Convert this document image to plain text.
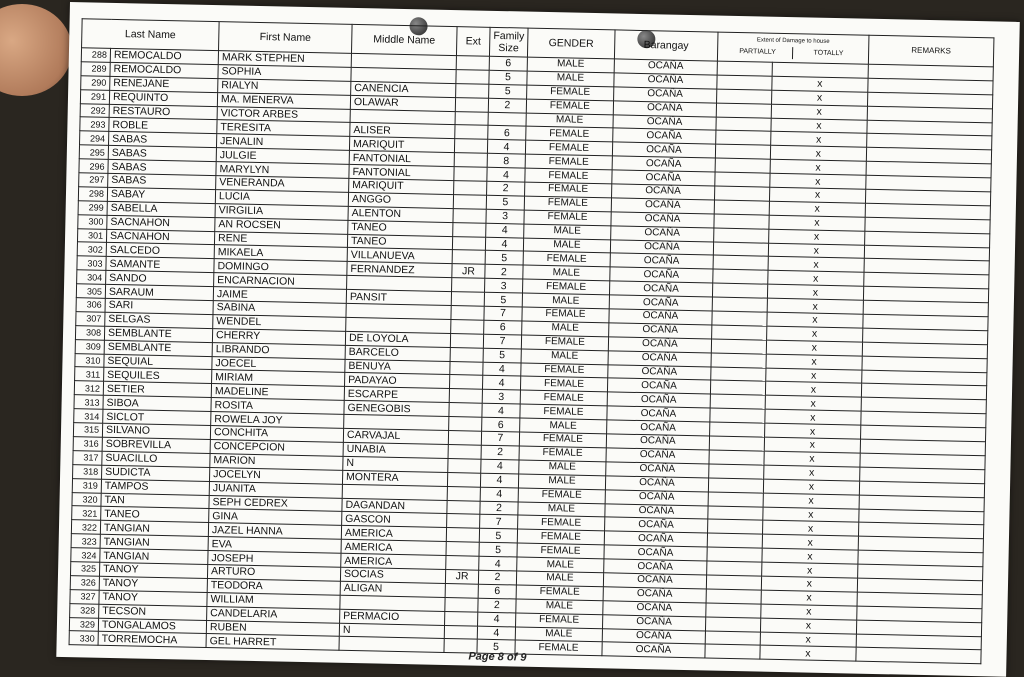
Last Name		First Name	Middle Name	Ext	Family Size	GENDER	Barangay	Extent of Damage to house
PARTIALLY TOTALLY		REMARKS
288	REMOCALDO	MARK STEPHEN			6	MALE	OCAÑA			
289	REMOCALDO	SOPHIA			5	MALE	OCAÑA		x	
290	RENEJANE	RIALYN	CANENCIA		5	FEMALE	OCAÑA		x	
291	REQUINTO	MA. MENERVA	OLAWAR		2	FEMALE	OCAÑA		x	
292	RESTAURO	VICTOR ARBES				MALE	OCAÑA		x	
293	ROBLE	TERESITA	ALISER		6	FEMALE	OCAÑA		x	
294	SABAS	JENALIN	MARIQUIT		4	FEMALE	OCAÑA		x	
295	SABAS	JULGIE	FANTONIAL		8	FEMALE	OCAÑA		x	
296	SABAS	MARYLYN	FANTONIAL		4	FEMALE	OCAÑA		x	
297	SABAS	VENERANDA	MARIQUIT		2	FEMALE	OCAÑA		x	
298	SABAY	LUCIA	ANGGO		5	FEMALE	OCAÑA		x	
299	SABELLA	VIRGILIA	ALENTON		3	FEMALE	OCAÑA		x	
300	SACNAHON	AN ROCSEN	TANEO		4	MALE	OCAÑA		x	
301	SACNAHON	RENE	TANEO		4	MALE	OCAÑA		x	
302	SALCEDO	MIKAELA	VILLANUEVA		5	FEMALE	OCAÑA		x	
303	SAMANTE	DOMINGO	FERNANDEZ	JR	2	MALE	OCAÑA		x	
304	SANDO	ENCARNACION			3	FEMALE	OCAÑA		x	
305	SARAUM	JAIME	PANSIT		5	MALE	OCAÑA		x	
306	SARI	SABINA			7	FEMALE	OCAÑA		x	
307	SELGAS	WENDEL			6	MALE	OCAÑA		x	
308	SEMBLANTE	CHERRY	DE LOYOLA		7	FEMALE	OCAÑA		x	
309	SEMBLANTE	LIBRANDO	BARCELO		5	MALE	OCAÑA		x	
310	SEQUIAL	JOECEL	BENUYA		4	FEMALE	OCAÑA		x	
311	SEQUILES	MIRIAM	PADAYAO		4	FEMALE	OCAÑA		x	
312	SETIER	MADELINE	ESCARPE		3	FEMALE	OCAÑA		x	
313	SIBOA	ROSITA	GENEGOBIS		4	FEMALE	OCAÑA		x	
314	SICLOT	ROWELA JOY			6	MALE	OCAÑA		x	
315	SILVANO	CONCHITA	CARVAJAL		7	FEMALE	OCAÑA		x	
316	SOBREVILLA	CONCEPCION	UNABIA		2	FEMALE	OCAÑA		x	
317	SUACILLO	MARION	N		4	MALE	OCAÑA		x	
318	SUDICTA	JOCELYN	MONTERA		4	MALE	OCAÑA		x	
319	TAMPOS	JUANITA			4	FEMALE	OCAÑA		x	
320	TAN	SEPH CEDREX	DAGANDAN		2	MALE	OCAÑA		x	
321	TANEO	GINA	GASCON		7	FEMALE	OCAÑA		x	
322	TANGIAN	JAZEL HANNA	AMERICA		5	FEMALE	OCAÑA		x	
323	TANGIAN	EVA	AMERICA		5	FEMALE	OCAÑA		x	
324	TANGIAN	JOSEPH	AMERICA		4	MALE	OCAÑA		x	
325	TANOY	ARTURO	SOCIAS	JR	2	MALE	OCAÑA		x	
326	TANOY	TEODORA	ALIGAN		6	FEMALE	OCAÑA		x	
327	TANOY	WILLIAM			2	MALE	OCAÑA		x	
328	TECSON	CANDELARIA	PERMACIO		4	FEMALE	OCAÑA		x	
329	TONGALAMOS	RUBEN	N		4	MALE	OCAÑA		x	
330	TORREMOCHA	GEL HARRET			5	FEMALE	OCAÑA		x	
Page 8 of 9
